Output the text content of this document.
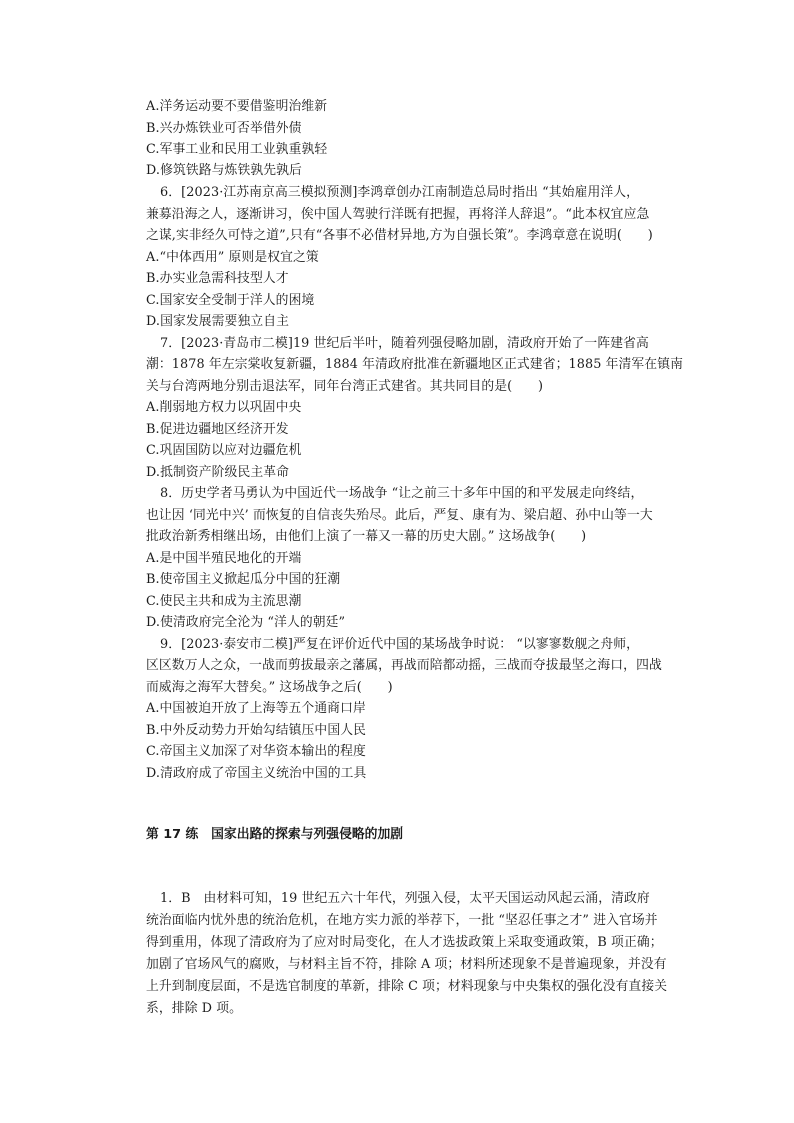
A.洋务运动要不要借鉴明治维新
B.兴办炼铁业可否举借外债
C.军事工业和民用工业孰重孰轻
D.修筑铁路与炼铁孰先孰后
6．[2023·江苏南京高三模拟预测]李鸿章创办江南制造总局时指出 “其始雇用洋人，
兼募沿海之人，逐渐讲习，俟中国人驾驶行洋既有把握，再将洋人辞退”。“此本权宜应急
之谋,实非经久可恃之道”,只有“各事不必借材异地,方为自强长策”。李鸿章意在说明(　　)
A.“中体西用” 原则是权宜之策
B.办实业急需科技型人才
C.国家安全受制于洋人的困境
D.国家发展需要独立自主
7．[2023·青岛市二模]19 世纪后半叶，随着列强侵略加剧，清政府开始了一阵建省高
潮：1878 年左宗棠收复新疆，1884 年清政府批准在新疆地区正式建省；1885 年清军在镇南
关与台湾两地分别击退法军，同年台湾正式建省。其共同目的是(　　)
A.削弱地方权力以巩固中央
B.促进边疆地区经济开发
C.巩固国防以应对边疆危机
D.抵制资产阶级民主革命
8．历史学者马勇认为中国近代一场战争 “让之前三十多年中国的和平发展走向终结，
也让因 ‘同光中兴’ 而恢复的自信丧失殆尽。此后，严复、康有为、梁启超、孙中山等一大
批政治新秀相继出场，由他们上演了一幕又一幕的历史大剧。” 这场战争(　　)
A.是中国半殖民地化的开端
B.使帝国主义掀起瓜分中国的狂潮
C.使民主共和成为主流思潮
D.使清政府完全沦为 “洋人的朝廷”
9．[2023·泰安市二模]严复在评价近代中国的某场战争时说： “以寥寥数舰之舟师，
区区数万人之众，一战而剪拔最亲之藩属，再战而陪都动摇，三战而夺拔最坚之海口，四战
而威海之海军大替矣。” 这场战争之后(　　)
A.中国被迫开放了上海等五个通商口岸
B.中外反动势力开始勾结镇压中国人民
C.帝国主义加深了对华资本输出的程度
D.清政府成了帝国主义统治中国的工具
第 17 练　国家出路的探索与列强侵略的加剧
1．B　由材料可知，19 世纪五六十年代，列强入侵，太平天国运动风起云涌，清政府
统治面临内忧外患的统治危机，在地方实力派的举荐下，一批 “坚忍任事之才” 进入官场并
得到重用，体现了清政府为了应对时局变化，在人才选拔政策上采取变通政策，B 项正确；
加剧了官场风气的腐败，与材料主旨不符，排除 A 项；材料所述现象不是普遍现象，并没有
上升到制度层面，不是选官制度的革新，排除 C 项；材料现象与中央集权的强化没有直接关
系，排除 D 项。
